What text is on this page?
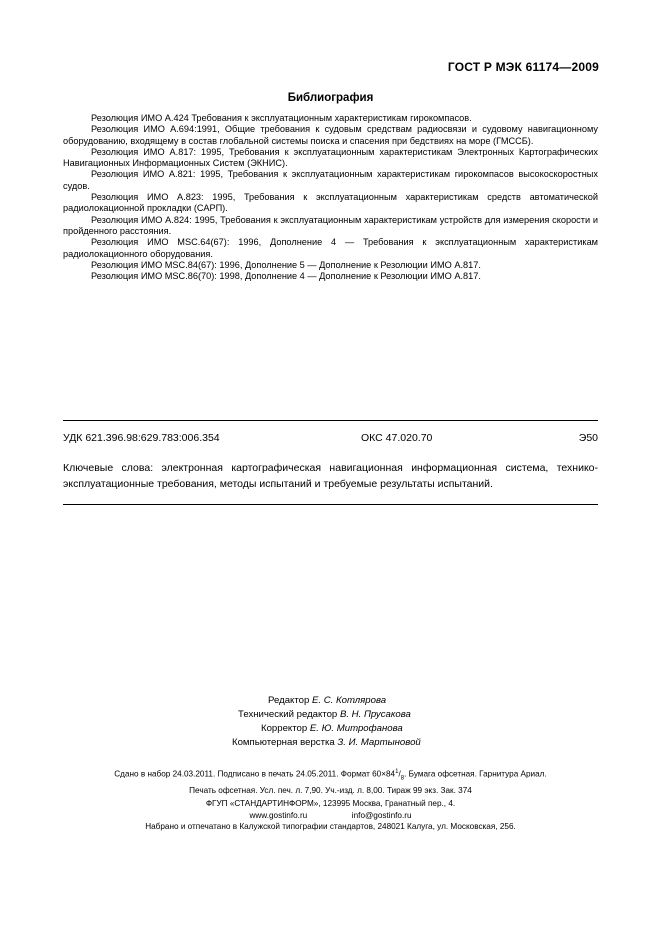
ГОСТ Р МЭК 61174—2009
Библиография

Резолюция ИМО А.424 Требования к эксплуатационным характеристикам гирокомпасов.

Резолюция ИМО А.694:1991, Общие требования к судовым средствам радиосвязи и судовому навигационному оборудованию, входящему в состав глобальной системы поиска и спасения при бедствиях на море (ГМССБ).

Резолюция ИМО А.817: 1995, Требования к эксплуатационным характеристикам Электронных Картографических Навигационных Информационных Систем (ЭКНИС).

Резолюция ИМО А.821: 1995, Требования к эксплуатационным характеристикам гирокомпасов высокоскоростных судов.

Резолюция ИМО А.823: 1995, Требования к эксплуатационным характеристикам средств автоматической радиолокационной прокладки (САРП).

Резолюция ИМО А.824: 1995, Требования к эксплуатационным характеристикам устройств для измерения скорости и пройденного расстояния.

Резолюция ИМО MSC.64(67): 1996, Дополнение 4 — Требования к эксплуатационным характеристикам радиолокационного оборудования.

Резолюция ИМО MSC.84(67): 1996, Дополнение 5 — Дополнение к Резолюции ИМО А.817.

Резолюция ИМО MSC.86(70): 1998, Дополнение 4 — Дополнение к Резолюции ИМО А.817.

УДК 621.396.98:629.783:006.354	ОКС 47.020.70	Э50

Ключевые слова: электронная картографическая навигационная информационная система, технико-эксплуатационные требования, методы испытаний и требуемые результаты испытаний.

Редактор Е. С. Котлярова
Технический редактор В. Н. Прусакова
Корректор Е. Ю. Митрофанова
Компьютерная верстка З. И. Мартыновой
Сдано в набор 24.03.2011. Подписано в печать 24.05.2011. Формат $60\times 84^1/_8$. Бумага офсетная. Гарнитура Ариал.
Печать офсетная. Усл. печ. л. 7,90. Уч.-изд. л. 8,00. Тираж 99 экз. Зак. 374
ФГУП «СТАНДАРТИНФОРМ», 123995 Москва, Гранатный пер., 4.
www.gostinfo.ru	info@gostinfo.ru
Набрано и отпечатано в Калужской типографии стандартов, 248021 Калуга, ул. Московская, 256.
